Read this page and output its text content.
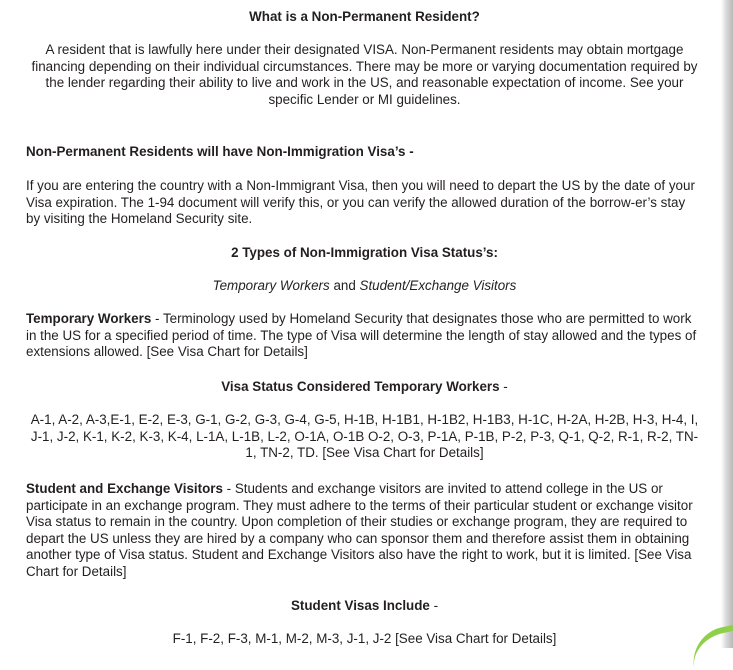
What is a Non-Permanent Resident?

A resident that is lawfully here under their designated VISA. Non-Permanent residents may obtain mortgage financing depending on their individual circumstances. There may be more or varying documentation required by the lender regarding their ability to live and work in the US, and reasonable expectation of income. See your specific Lender or MI guidelines.

Non-Permanent Residents will have Non-Immigration Visa’s -

If you are entering the country with a Non-Immigrant Visa, then you will need to depart the US by the date of your Visa expiration. The 1-94 document will verify this, or you can verify the allowed duration of the borrow-er’s stay by visiting the Homeland Security site.

2 Types of Non-Immigration Visa Status’s:
Temporary Workers and Student/Exchange Visitors

Temporary Workers - Terminology used by Homeland Security that designates those who are permitted to work in the US for a specified period of time. The type of Visa will determine the length of stay allowed and the types of extensions allowed. [See Visa Chart for Details]

Visa Status Considered Temporary Workers -

A-1, A-2, A-3,E-1, E-2, E-3, G-1, G-2, G-3, G-4, G-5, H-1B, H-1B1, H-1B2, H-1B3, H-1C, H-2A, H-2B, H-3, H-4, I, J-1, J-2, K-1, K-2, K-3, K-4, L-1A, L-1B, L-2, O-1A, O-1B O-2, O-3, P-1A, P-1B, P-2, P-3, Q-1, Q-2, R-1, R-2, TN-1, TN-2, TD. [See Visa Chart for Details]

Student and Exchange Visitors - Students and exchange visitors are invited to attend college in the US or participate in an exchange program. They must adhere to the terms of their particular student or exchange visitor Visa status to remain in the country. Upon completion of their studies or exchange program, they are required to depart the US unless they are hired by a company who can sponsor them and therefore assist them in obtaining another type of Visa status. Student and Exchange Visitors also have the right to work, but it is limited. [See Visa Chart for Details]

Student Visas Include -

F-1, F-2, F-3, M-1, M-2, M-3, J-1, J-2 [See Visa Chart for Details]
